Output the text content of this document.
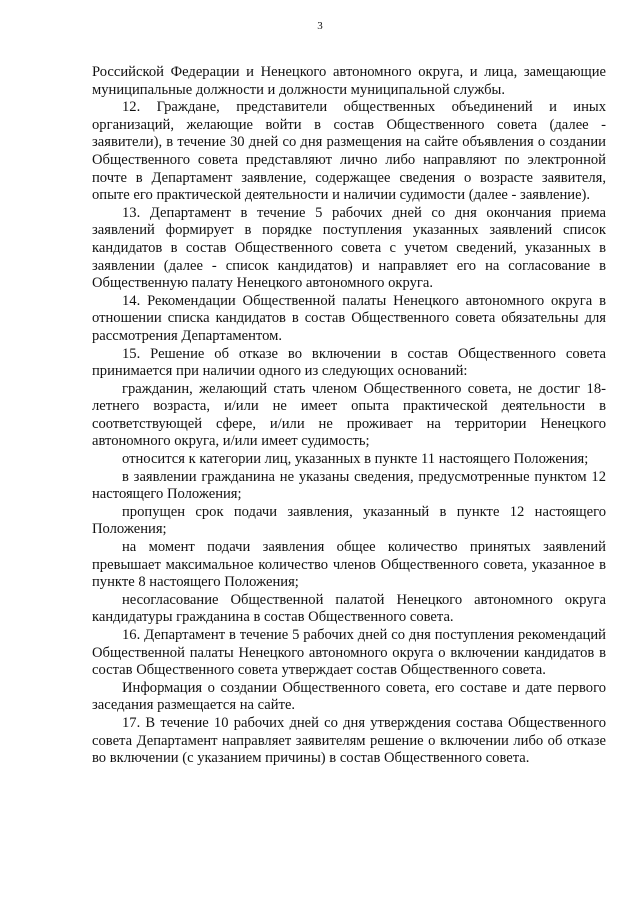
3

Российской Федерации и Ненецкого автономного округа, и лица, замещающие муниципальные должности и должности муниципальной службы.

12. Граждане, представители общественных объединений и иных организаций, желающие войти в состав Общественного совета (далее - заявители), в течение 30 дней со дня размещения на сайте объявления о создании Общественного совета представляют лично либо направляют по электронной почте в Департамент заявление, содержащее сведения о возрасте заявителя, опыте его практической деятельности и наличии судимости (далее - заявление).

13. Департамент в течение 5 рабочих дней со дня окончания приема заявлений формирует в порядке поступления указанных заявлений список кандидатов в состав Общественного совета с учетом сведений, указанных в заявлении (далее - список кандидатов) и направляет его на согласование в Общественную палату Ненецкого автономного округа.

14. Рекомендации Общественной палаты Ненецкого автономного округа в отношении списка кандидатов в состав Общественного совета обязательны для рассмотрения Департаментом.

15. Решение об отказе во включении в состав Общественного совета принимается при наличии одного из следующих оснований:

гражданин, желающий стать членом Общественного совета, не достиг 18-летнего возраста, и/или не имеет опыта практической деятельности в соответствующей сфере, и/или не проживает на территории Ненецкого автономного округа, и/или имеет судимость;

относится к категории лиц, указанных в пункте 11 настоящего Положения;

в заявлении гражданина не указаны сведения, предусмотренные пунктом 12 настоящего Положения;

пропущен срок подачи заявления, указанный в пункте 12 настоящего Положения;

на момент подачи заявления общее количество принятых заявлений превышает максимальное количество членов Общественного совета, указанное в пункте 8 настоящего Положения;

несогласование Общественной палатой Ненецкого автономного округа кандидатуры гражданина в состав Общественного совета.

16. Департамент в течение 5 рабочих дней со дня поступления рекомендаций Общественной палаты Ненецкого автономного округа о включении кандидатов в состав Общественного совета утверждает состав Общественного совета.

Информация о создании Общественного совета, его составе и дате первого заседания размещается на сайте.

17. В течение 10 рабочих дней со дня утверждения состава Общественного совета Департамент направляет заявителям решение о включении либо об отказе во включении (с указанием причины) в состав Общественного совета.
